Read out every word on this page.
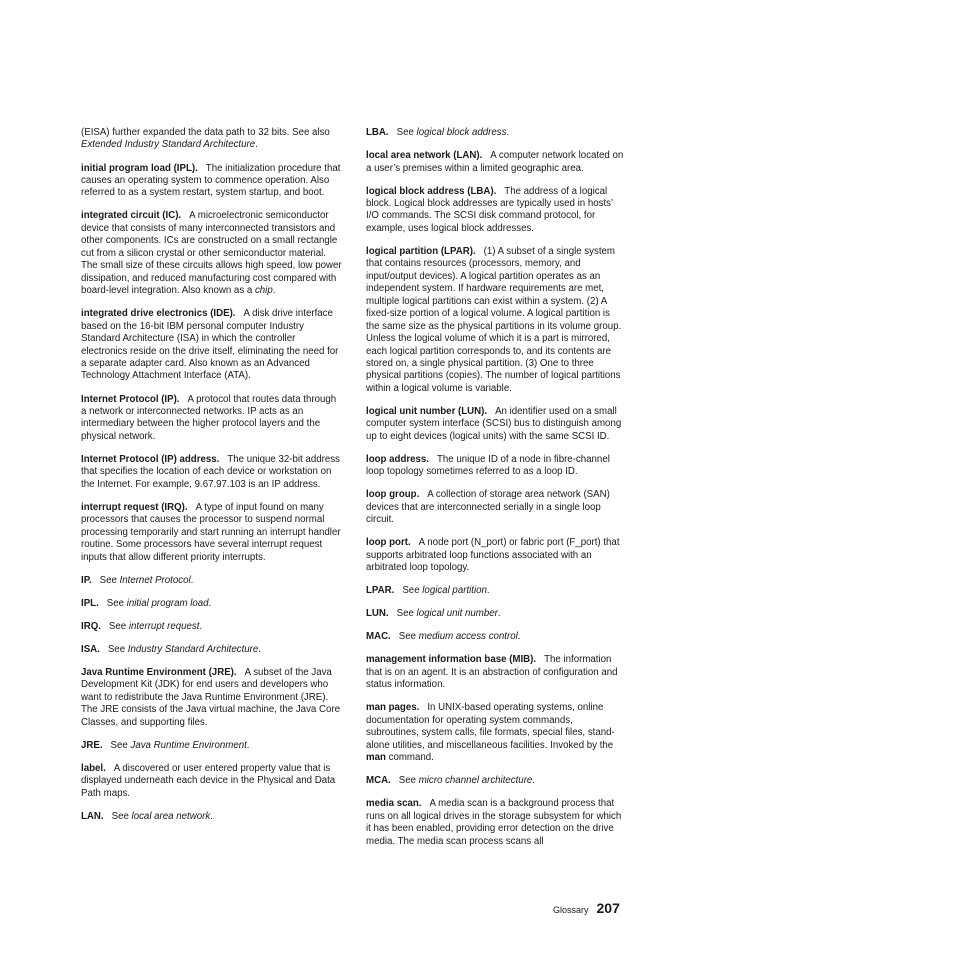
(EISA) further expanded the data path to 32 bits. See also Extended Industry Standard Architecture.

initial program load (IPL). The initialization procedure that causes an operating system to commence operation. Also referred to as a system restart, system startup, and boot.

integrated circuit (IC). A microelectronic semiconductor device that consists of many interconnected transistors and other components. ICs are constructed on a small rectangle cut from a silicon crystal or other semiconductor material. The small size of these circuits allows high speed, low power dissipation, and reduced manufacturing cost compared with board-level integration. Also known as a chip.

integrated drive electronics (IDE). A disk drive interface based on the 16-bit IBM personal computer Industry Standard Architecture (ISA) in which the controller electronics reside on the drive itself, eliminating the need for a separate adapter card. Also known as an Advanced Technology Attachment Interface (ATA).

Internet Protocol (IP). A protocol that routes data through a network or interconnected networks. IP acts as an intermediary between the higher protocol layers and the physical network.

Internet Protocol (IP) address. The unique 32-bit address that specifies the location of each device or workstation on the Internet. For example, 9.67.97.103 is an IP address.

interrupt request (IRQ). A type of input found on many processors that causes the processor to suspend normal processing temporarily and start running an interrupt handler routine. Some processors have several interrupt request inputs that allow different priority interrupts.

IP. See Internet Protocol.

IPL. See initial program load.

IRQ. See interrupt request.

ISA. See Industry Standard Architecture.

Java Runtime Environment (JRE). A subset of the Java Development Kit (JDK) for end users and developers who want to redistribute the Java Runtime Environment (JRE). The JRE consists of the Java virtual machine, the Java Core Classes, and supporting files.

JRE. See Java Runtime Environment.

label. A discovered or user entered property value that is displayed underneath each device in the Physical and Data Path maps.

LAN. See local area network.

LBA. See logical block address.

local area network (LAN). A computer network located on a user’s premises within a limited geographic area.

logical block address (LBA). The address of a logical block. Logical block addresses are typically used in hosts’ I/O commands. The SCSI disk command protocol, for example, uses logical block addresses.

logical partition (LPAR). (1) A subset of a single system that contains resources (processors, memory, and input/output devices). A logical partition operates as an independent system. If hardware requirements are met, multiple logical partitions can exist within a system. (2) A fixed-size portion of a logical volume. A logical partition is the same size as the physical partitions in its volume group. Unless the logical volume of which it is a part is mirrored, each logical partition corresponds to, and its contents are stored on, a single physical partition. (3) One to three physical partitions (copies). The number of logical partitions within a logical volume is variable.

logical unit number (LUN). An identifier used on a small computer system interface (SCSI) bus to distinguish among up to eight devices (logical units) with the same SCSI ID.

loop address. The unique ID of a node in fibre-channel loop topology sometimes referred to as a loop ID.

loop group. A collection of storage area network (SAN) devices that are interconnected serially in a single loop circuit.

loop port. A node port (N_port) or fabric port (F_port) that supports arbitrated loop functions associated with an arbitrated loop topology.

LPAR. See logical partition.

LUN. See logical unit number.

MAC. See medium access control.

management information base (MIB). The information that is on an agent. It is an abstraction of configuration and status information.

man pages. In UNIX-based operating systems, online documentation for operating system commands, subroutines, system calls, file formats, special files, stand-alone utilities, and miscellaneous facilities. Invoked by the man command.

MCA. See micro channel architecture.

media scan. A media scan is a background process that runs on all logical drives in the storage subsystem for which it has been enabled, providing error detection on the drive media. The media scan process scans all

Glossary 207
